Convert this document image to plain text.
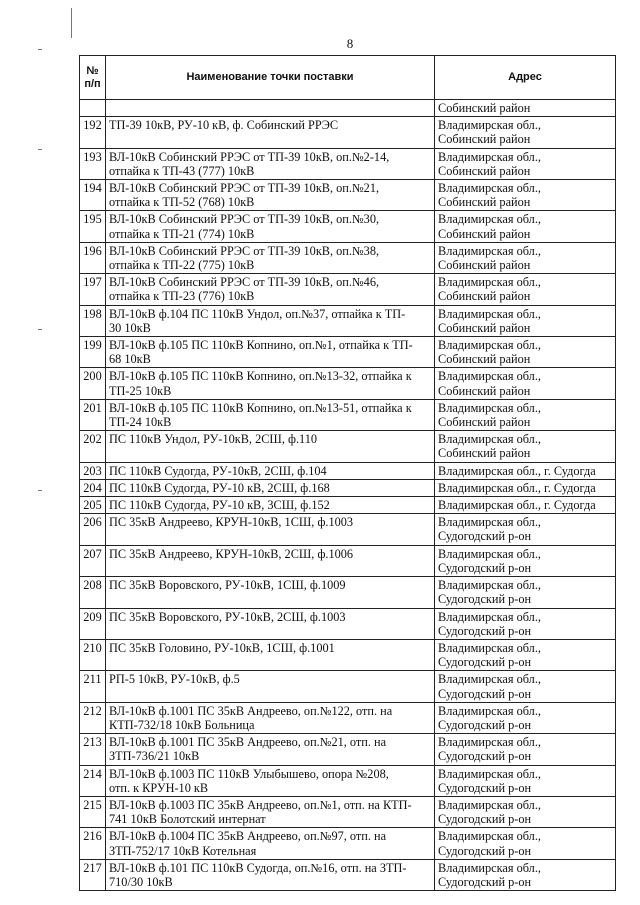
8
№ п/п	Наименование точки поставки	Адрес

		Собинский район

192	ТП-39 10кВ, РУ-10 кВ, ф. Собинский РРЭС	Владимирская обл.,
Собинский район

193	ВЛ-10кВ Собинский РРЭС от ТП-39 10кВ, оп.№2-14,
отпайка к ТП-43 (777) 10кВ	Владимирская обл.,
Собинский район

194	ВЛ-10кВ Собинский РРЭС от ТП-39 10кВ, оп.№21,
отпайка к ТП-52 (768) 10кВ	Владимирская обл.,
Собинский район

195	ВЛ-10кВ Собинский РРЭС от ТП-39 10кВ, оп.№30,
отпайка к ТП-21 (774) 10кВ	Владимирская обл.,
Собинский район

196	ВЛ-10кВ Собинский РРЭС от ТП-39 10кВ, оп.№38,
отпайка к ТП-22 (775) 10кВ	Владимирская обл.,
Собинский район

197	ВЛ-10кВ Собинский РРЭС от ТП-39 10кВ, оп.№46,
отпайка к ТП-23 (776) 10кВ	Владимирская обл.,
Собинский район

198	ВЛ-10кВ ф.104 ПС 110кВ Ундол, оп.№37, отпайка к ТП-
30 10кВ	Владимирская обл.,
Собинский район

199	ВЛ-10кВ ф.105 ПС 110кВ Копнино, оп.№1, отпайка к ТП-
68 10кВ	Владимирская обл.,
Собинский район

200	ВЛ-10кВ ф.105 ПС 110кВ Копнино, оп.№13-32, отпайка к
ТП-25 10кВ	Владимирская обл.,
Собинский район

201	ВЛ-10кВ ф.105 ПС 110кВ Копнино, оп.№13-51, отпайка к
ТП-24 10кВ	Владимирская обл.,
Собинский район

202	ПС 110кВ Ундол, РУ-10кВ, 2СШ, ф.110	Владимирская обл.,
Собинский район

203	ПС 110кВ Судогда, РУ-10кВ, 2СШ, ф.104	Владимирская обл., г. Судогда

204	ПС 110кВ Судогда, РУ-10 кВ, 2СШ, ф.168	Владимирская обл., г. Судогда

205	ПС 110кВ Судогда, РУ-10 кВ, 3СШ, ф.152	Владимирская обл., г. Судогда

206	ПС 35кВ Андреево, КРУН-10кВ, 1СШ, ф.1003	Владимирская обл.,
Судогодский р-он

207	ПС 35кВ Андреево, КРУН-10кВ, 2СШ, ф.1006	Владимирская обл.,
Судогодский р-он

208	ПС 35кВ Воровского, РУ-10кВ, 1СШ, ф.1009	Владимирская обл.,
Судогодский р-он

209	ПС 35кВ Воровского, РУ-10кВ, 2СШ, ф.1003	Владимирская обл.,
Судогодский р-он

210	ПС 35кВ Головино, РУ-10кВ, 1СШ, ф.1001	Владимирская обл.,
Судогодский р-он

211	РП-5 10кВ, РУ-10кВ, ф.5	Владимирская обл.,
Судогодский р-он

212	ВЛ-10кВ ф.1001 ПС 35кВ Андреево, оп.№122, отп. на
КТП-732/18 10кВ Больница	Владимирская обл.,
Судогодский р-он

213	ВЛ-10кВ ф.1001 ПС 35кВ Андреево, оп.№21, отп. на
ЗТП-736/21 10кВ	Владимирская обл.,
Судогодский р-он

214	ВЛ-10кВ ф.1003 ПС 110кВ Улыбышево, опора №208,
отп. к КРУН-10 кВ	Владимирская обл.,
Судогодский р-он

215	ВЛ-10кВ ф.1003 ПС 35кВ Андреево, оп.№1, отп. на КТП-
741 10кВ Болотский интернат	Владимирская обл.,
Судогодский р-он

216	ВЛ-10кВ ф.1004 ПС 35кВ Андреево, оп.№97, отп. на
ЗТП-752/17 10кВ Котельная	Владимирская обл.,
Судогодский р-он

217	ВЛ-10кВ ф.101 ПС 110кВ Судогда, оп.№16, отп. на ЗТП-
710/30 10кВ	Владимирская обл.,
Судогодский р-он
